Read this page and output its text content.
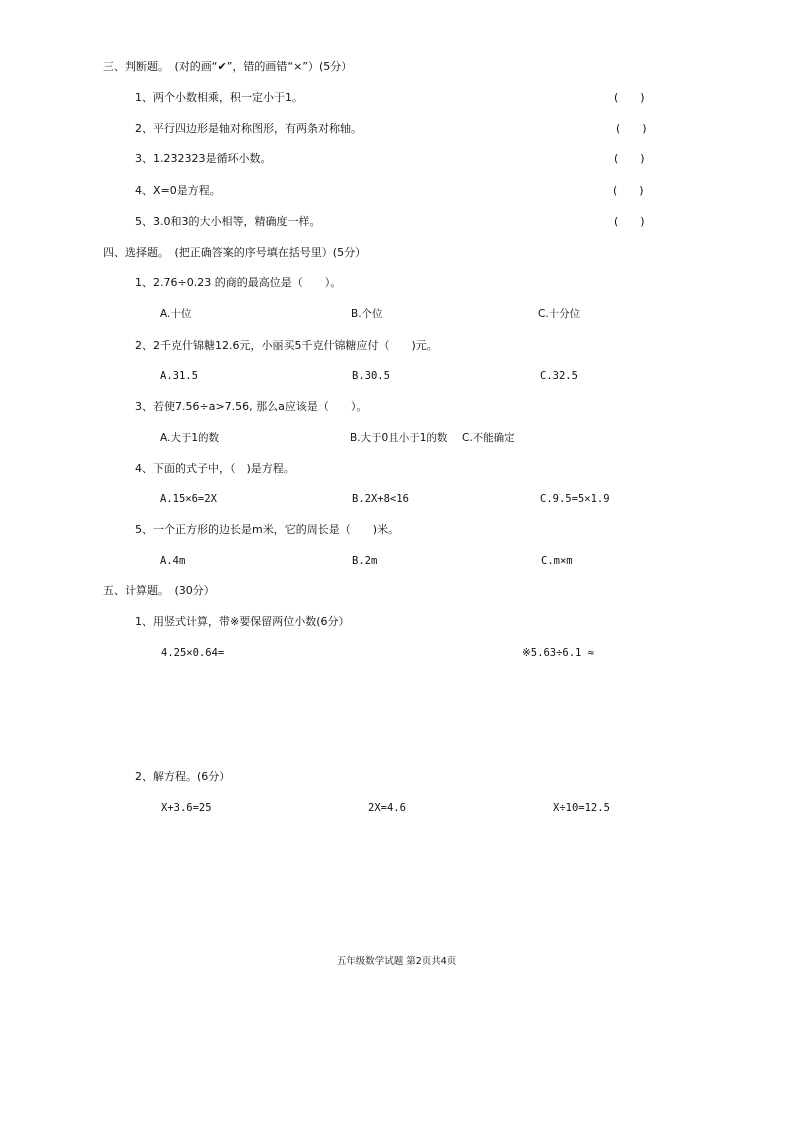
三、判断题。　(对的画“✔”，错的画错“×”）(5分）
1、两个小数相乘，积一定小于1。	(　　)
2、平行四边形是轴对称图形，有两条对称轴。	(　　)
3、1.232323是循环小数。	(　　)
4、X=0是方程。	(　　)
5、3.0和3的大小相等，精确度一样。	(　　)
四、选择题。　(把正确答案的序号填在括号里）(5分）
1、2.76÷0.23 的商的最高位是（　　）。
A.十位	B.个位	C.十分位
2、2千克什锦糖12.6元，小丽买5千克什锦糖应付（　　)元。
A.31.5	B.30.5	C.32.5
3、若使7.56÷a>7.56, 那么a应该是（　　）。
A.大于1的数	B.大于0且小于1的数 C.不能确定
4、下面的式子中，（　)是方程。
A.15×6=2X	B.2X+8<16	C.9.5=5×1.9
5、一个正方形的边长是m米，它的周长是（　　)米。
A.4m	B.2m	C.m×m
五、计算题。　(30分）
1、用竖式计算，带※要保留两位小数(6分）
4.25×0.64=	※5.63÷6.1 ≈
2、解方程。(6分）
X+3.6=25	2X=4.6	X÷10=12.5
五年级数学试题 第2页共4页
